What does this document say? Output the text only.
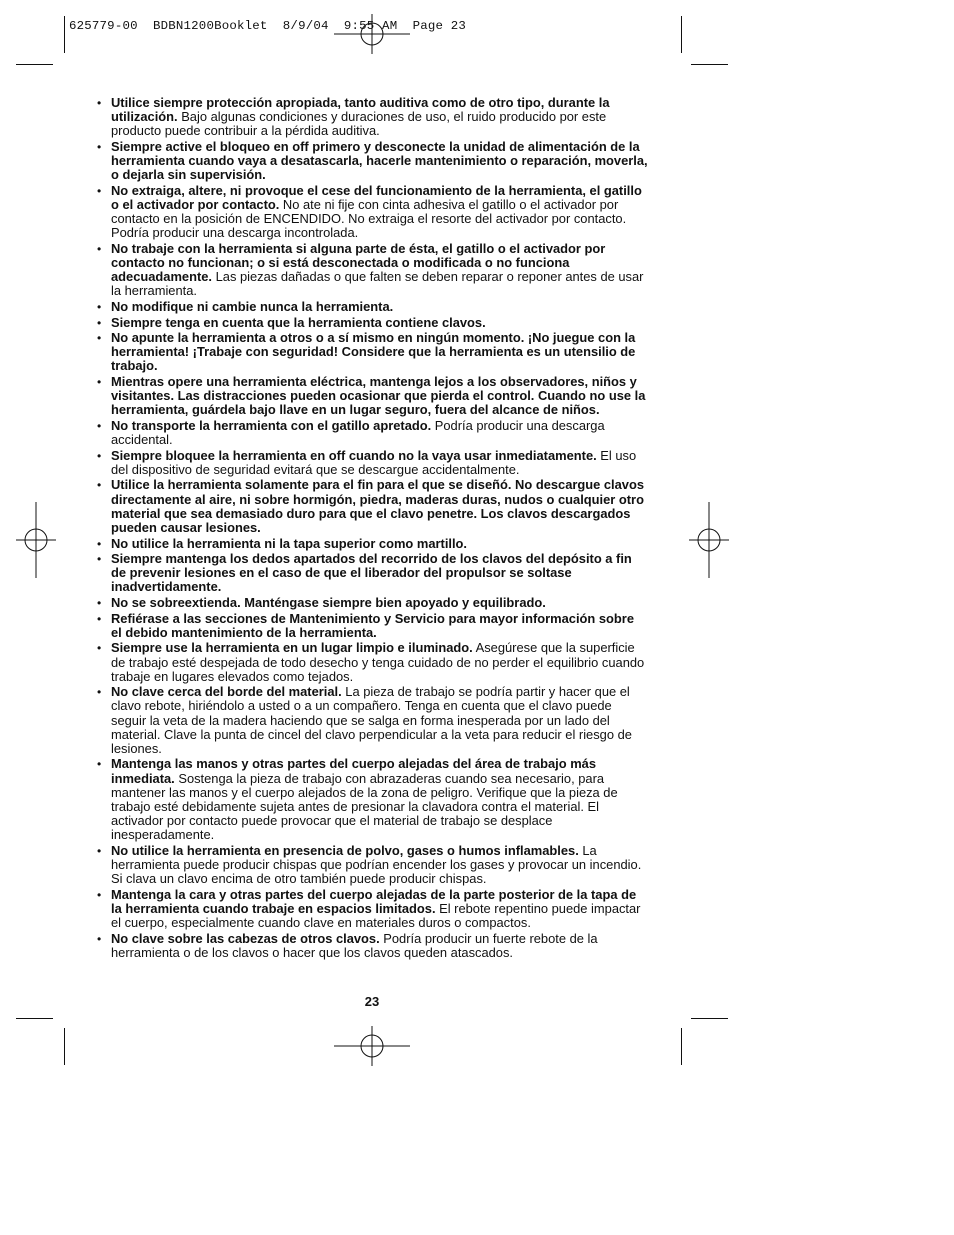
625779-00  BDBN1200Booklet  8/9/04  9:55 AM  Page 23
• Utilice siempre protección apropiada, tanto auditiva como de otro tipo, durante la utilización. Bajo algunas condiciones y duraciones de uso, el ruido producido por este producto puede contribuir a la pérdida auditiva.
• Siempre active el bloqueo en off primero y desconecte la unidad de alimentación de la herramienta cuando vaya a desatascarla, hacerle mantenimiento o reparación, moverla, o dejarla sin supervisión.
• No extraiga, altere, ni provoque el cese del funcionamiento de la herramienta, el gatillo o el activador por contacto. No ate ni fije con cinta adhesiva el gatillo o el activador por contacto en la posición de ENCENDIDO. No extraiga el resorte del activador por contacto. Podría producir una descarga incontrolada.
• No trabaje con la herramienta si alguna parte de ésta, el gatillo o el activador por contacto no funcionan; o si está desconectada o modificada o no funciona adecuadamente. Las piezas dañadas o que falten se deben reparar o reponer antes de usar la herramienta.
• No modifique ni cambie nunca la herramienta.
• Siempre tenga en cuenta que la herramienta contiene clavos.
• No apunte la herramienta a otros o a sí mismo en ningún momento. ¡No juegue con la herramienta! ¡Trabaje con seguridad! Considere que la herramienta es un utensilio de trabajo.
• Mientras opere una herramienta eléctrica, mantenga lejos a los observadores, niños y visitantes. Las distracciones pueden ocasionar que pierda el control. Cuando no use la herramienta, guárdela bajo llave en un lugar seguro, fuera del alcance de niños.
• No transporte la herramienta con el gatillo apretado. Podría producir una descarga accidental.
• Siempre bloquee la herramienta en off cuando no la vaya usar inmediatamente. El uso del dispositivo de seguridad evitará que se descargue accidentalmente.
• Utilice la herramienta solamente para el fin para el que se diseñó. No descargue clavos directamente al aire, ni sobre hormigón, piedra, maderas duras, nudos o cualquier otro material que sea demasiado duro para que el clavo penetre. Los clavos descargados pueden causar lesiones.
• No utilice la herramienta ni la tapa superior como martillo.
• Siempre mantenga los dedos apartados del recorrido de los clavos del depósito a fin de prevenir lesiones en el caso de que el liberador del propulsor se soltase inadvertidamente.
• No se sobreextienda. Manténgase siempre bien apoyado y equilibrado.
• Refiérase a las secciones de Mantenimiento y Servicio para mayor información sobre el debido mantenimiento de la herramienta.
• Siempre use la herramienta en un lugar limpio e iluminado. Asegúrese que la superficie de trabajo esté despejada de todo desecho y tenga cuidado de no perder el equilibrio cuando trabaje en lugares elevados como tejados.
• No clave cerca del borde del material. La pieza de trabajo se podría partir y hacer que el clavo rebote, hiriéndolo a usted o a un compañero. Tenga en cuenta que el clavo puede seguir la veta de la madera haciendo que se salga en forma inesperada por un lado del material. Clave la punta de cincel del clavo perpendicular a la veta para reducir el riesgo de lesiones.
• Mantenga las manos y otras partes del cuerpo alejadas del área de trabajo más inmediata. Sostenga la pieza de trabajo con abrazaderas cuando sea necesario, para mantener las manos y el cuerpo alejados de la zona de peligro. Verifique que la pieza de trabajo esté debidamente sujeta antes de presionar la clavadora contra el material. El activador por contacto puede provocar que el material de trabajo se desplace inesperadamente.
• No utilice la herramienta en presencia de polvo, gases o humos inflamables. La herramienta puede producir chispas que podrían encender los gases y provocar un incendio. Si clava un clavo encima de otro también puede producir chispas.
• Mantenga la cara y otras partes del cuerpo alejadas de la parte posterior de la tapa de la herramienta cuando trabaje en espacios limitados. El rebote repentino puede impactar el cuerpo, especialmente cuando clave en materiales duros o compactos.
• No clave sobre las cabezas de otros clavos. Podría producir un fuerte rebote de la herramienta o de los clavos o hacer que los clavos queden atascados.
23
